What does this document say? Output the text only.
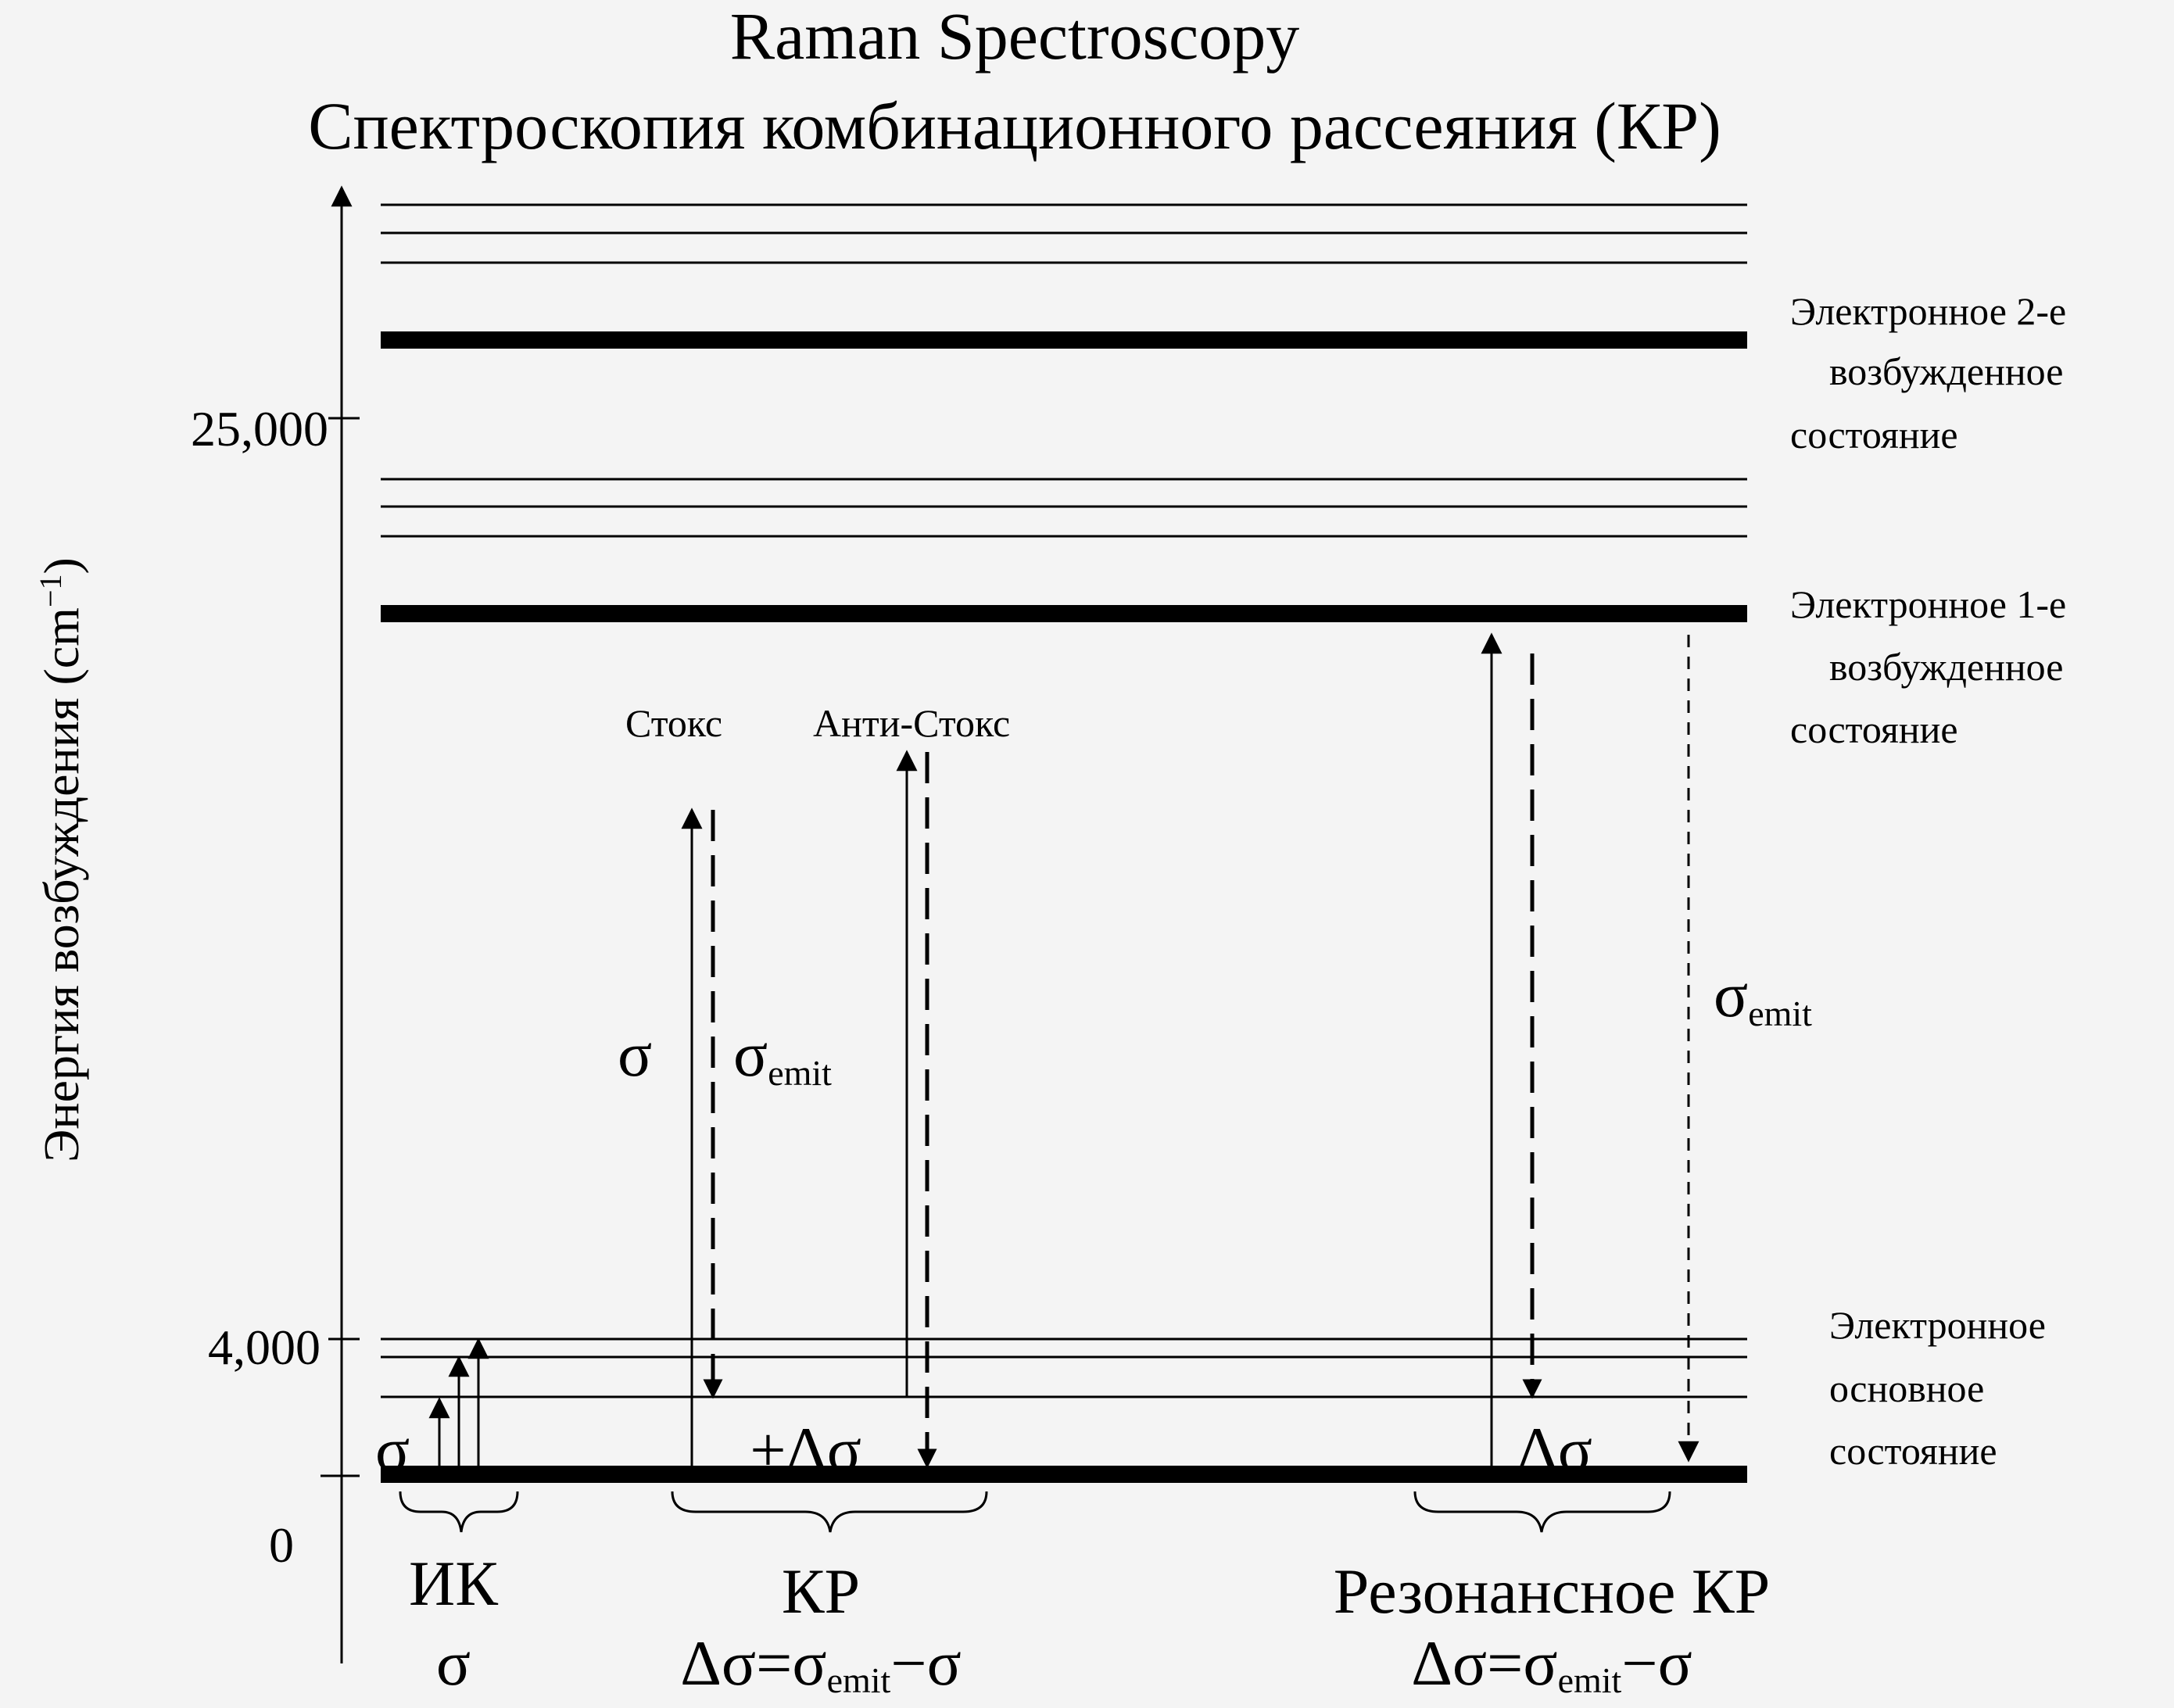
Raman Spectroscopy
Спектроскопия комбинационного рассеяния (КР)
25,000
4,000
0
Энергия возбуждения $(cm^{-1})$
Электронное 2-е
возбужденное
состояние
Электронное 1-е
возбужденное
состояние
Электронное
основное
состояние
σ
Стокс Анти-Стокс
σ σemit
±Δσ
σemit
Δσ
ИК
σ
КР
Δσ=σemit−σ
Резонансное КР
Δσ=σemit−σ
